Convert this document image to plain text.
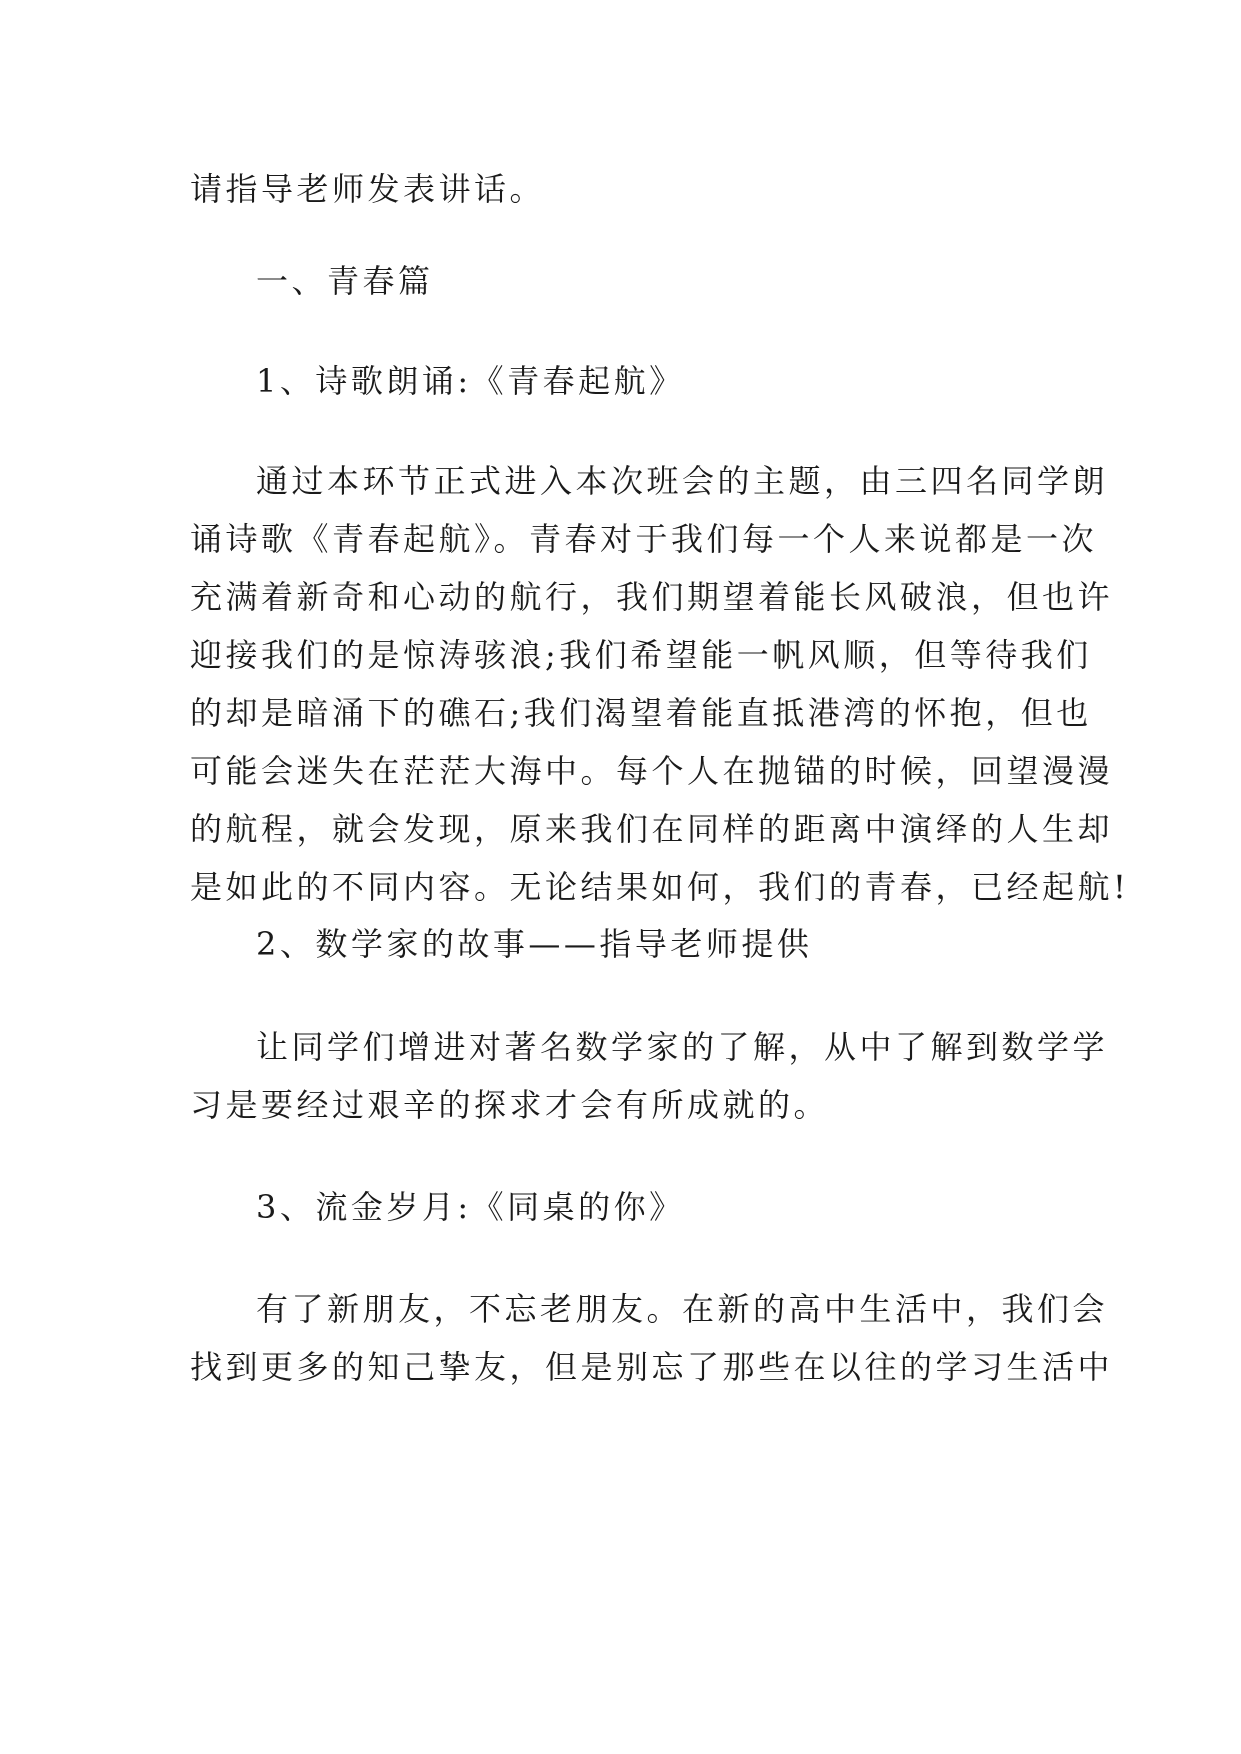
请指导老师发表讲话。
一、青春篇
1、诗歌朗诵:《青春起航》
通过本环节正式进入本次班会的主题，由三四名同学朗
诵诗歌《青春起航》。青春对于我们每一个人来说都是一次
充满着新奇和心动的航行，我们期望着能长风破浪，但也许
迎接我们的是惊涛骇浪;我们希望能一帆风顺，但等待我们
的却是暗涌下的礁石;我们渴望着能直抵港湾的怀抱，但也
可能会迷失在茫茫大海中。每个人在抛锚的时候，回望漫漫
的航程，就会发现，原来我们在同样的距离中演绎的人生却
是如此的不同内容。无论结果如何，我们的青春，已经起航!
2、数学家的故事——指导老师提供
让同学们增进对著名数学家的了解，从中了解到数学学
习是要经过艰辛的探求才会有所成就的。
3、流金岁月:《同桌的你》
有了新朋友，不忘老朋友。在新的高中生活中，我们会
找到更多的知己挚友，但是别忘了那些在以往的学习生活中
